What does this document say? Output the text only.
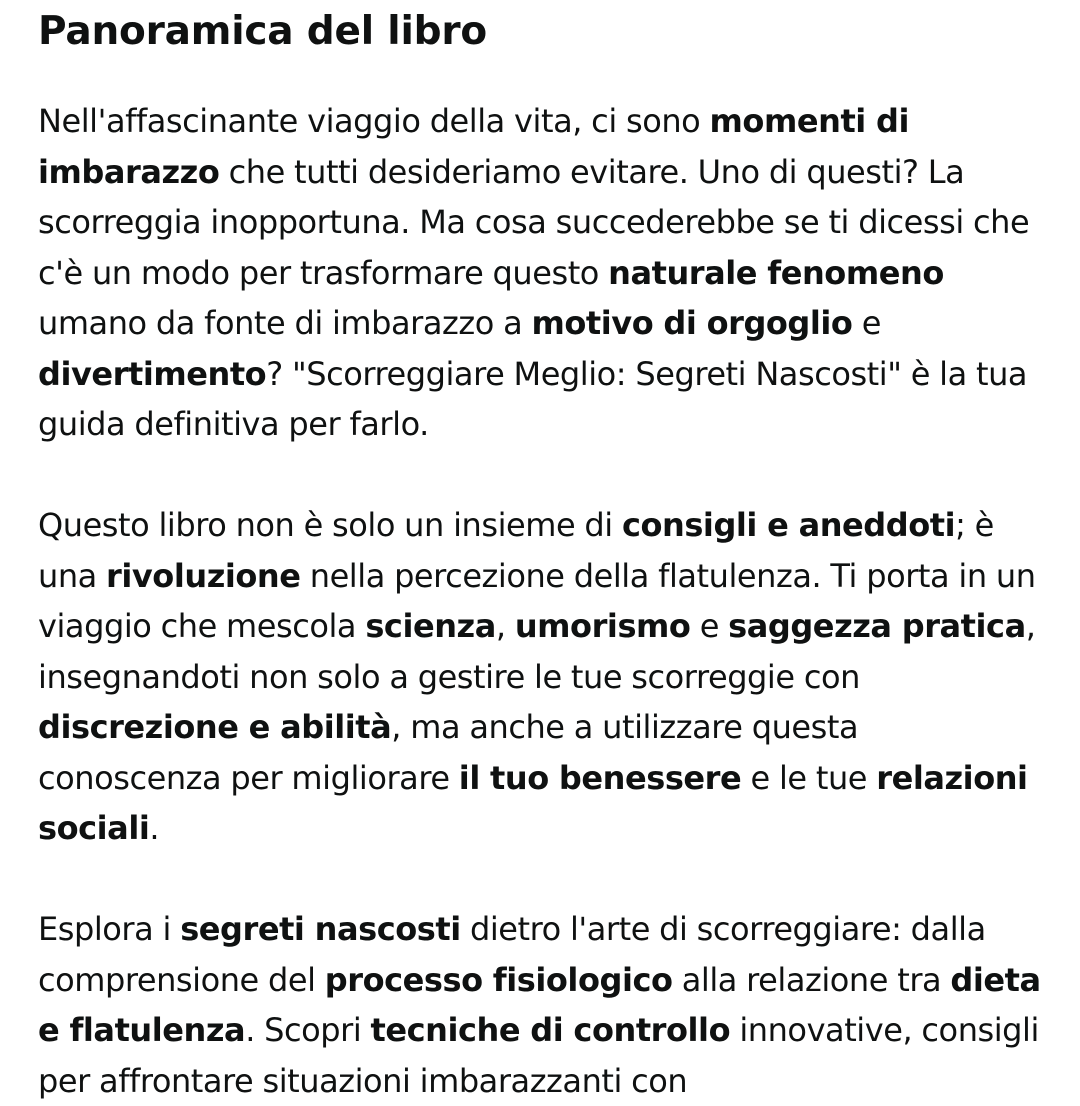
Panoramica del libro

Nell'affascinante viaggio della vita, ci sono momenti di imbarazzo che tutti desideriamo evitare. Uno di questi? La scorreggia inopportuna. Ma cosa succederebbe se ti dicessi che c'è un modo per trasformare questo naturale fenomeno umano da fonte di imbarazzo a motivo di orgoglio e divertimento? "Scorreggiare Meglio: Segreti Nascosti" è la tua guida definitiva per farlo.

Questo libro non è solo un insieme di consigli e aneddoti; è una rivoluzione nella percezione della flatulenza. Ti porta in un viaggio che mescola scienza, umorismo e saggezza pratica, insegnandoti non solo a gestire le tue scorreggie con discrezione e abilità, ma anche a utilizzare questa conoscenza per migliorare il tuo benessere e le tue relazioni sociali.

Esplora i segreti nascosti dietro l'arte di scorreggiare: dalla comprensione del processo fisiologico alla relazione tra dieta e flatulenza. Scopri tecniche di controllo innovative, consigli per affrontare situazioni imbarazzanti con
